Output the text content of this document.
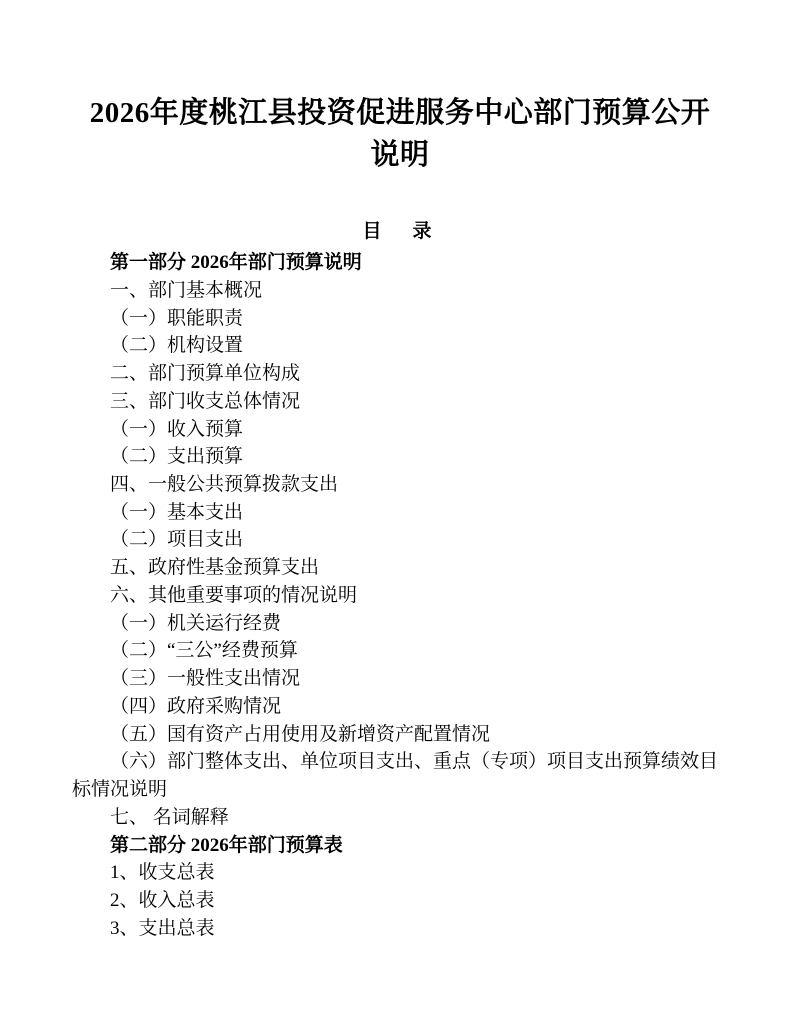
2026年度桃江县投资促进服务中心部门预算公开说明
目　录
第一部分 2026年部门预算说明
一、部门基本概况
（一）职能职责
（二）机构设置
二、部门预算单位构成
三、部门收支总体情况
（一）收入预算
（二）支出预算
四、一般公共预算拨款支出
（一）基本支出
（二）项目支出
五、政府性基金预算支出
六、其他重要事项的情况说明
（一）机关运行经费
（二）“三公”经费预算
（三）一般性支出情况
（四）政府采购情况
（五）国有资产占用使用及新增资产配置情况
（六）部门整体支出、单位项目支出、重点（专项）项目支出预算绩效目标情况说明
七、 名词解释
第二部分 2026年部门预算表
1、收支总表
2、收入总表
3、支出总表
